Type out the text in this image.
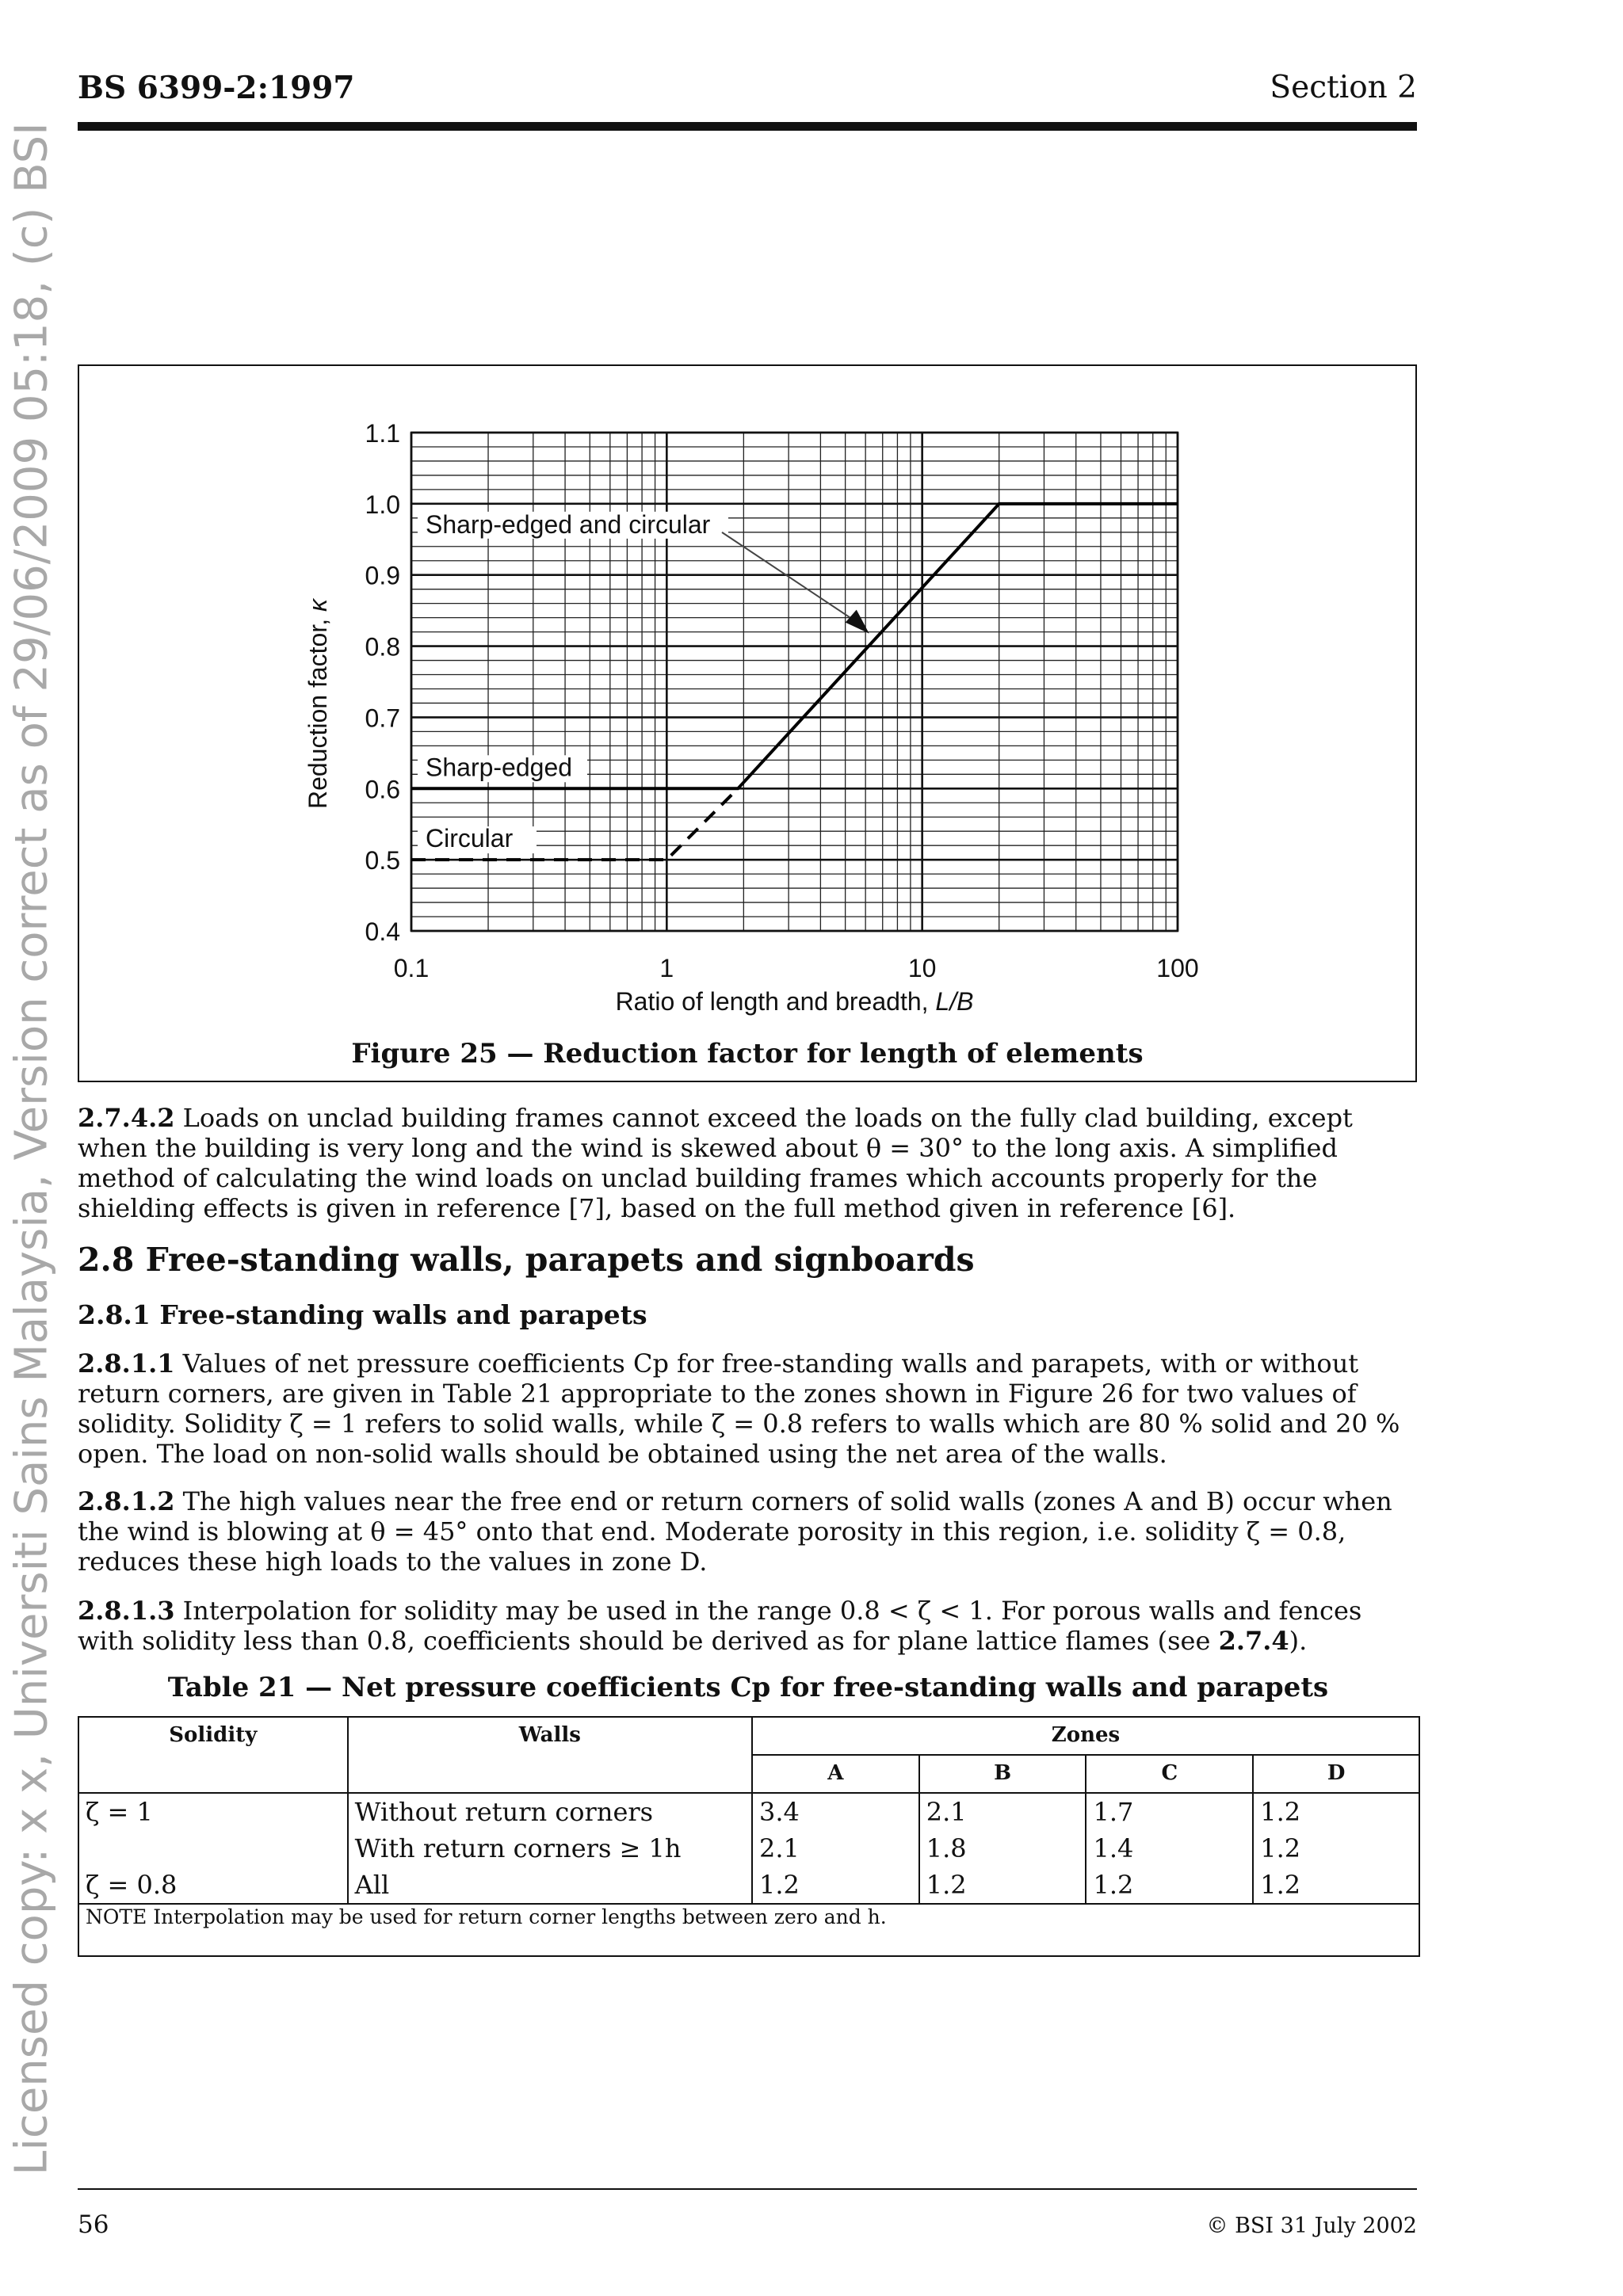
Licensed copy: x x, Universiti Sains Malaysia, Version correct as of 29/06/2009 05:18, (c) BSI
BS 6399-2:1997	Section 2
0.4
0.5
0.6
0.7
0.8
0.9
1.0
1.1
0.1	1	10	100
Ratio of length and breadth, L/B
Reduction factor, κ
Sharp-edged
Circular
Sharp-edged and circular
Figure 25 — Reduction factor for length of elements

2.7.4.2 Loads on unclad building frames cannot exceed the loads on the fully clad building, except when the building is very long and the wind is skewed about θ = 30° to the long axis. A simplified method of calculating the wind loads on unclad building frames which accounts properly for the shielding effects is given in reference [7], based on the full method given in reference [6].

2.8 Free-standing walls, parapets and signboards
2.8.1 Free-standing walls and parapets

2.8.1.1 Values of net pressure coefficients Cp for free-standing walls and parapets, with or without return corners, are given in Table 21 appropriate to the zones shown in Figure 26 for two values of solidity. Solidity ζ = 1 refers to solid walls, while ζ = 0.8 refers to walls which are 80 % solid and 20 % open. The load on non-solid walls should be obtained using the net area of the walls.

2.8.1.2 The high values near the free end or return corners of solid walls (zones A and B) occur when the wind is blowing at θ = 45° onto that end. Moderate porosity in this region, i.e. solidity ζ = 0.8, reduces these high loads to the values in zone D.

2.8.1.3 Interpolation for solidity may be used in the range 0.8 < ζ < 1. For porous walls and fences with solidity less than 0.8, coefficients should be derived as for plane lattice flames (see 2.7.4).

Table 21 — Net pressure coefficients Cp for free-standing walls and parapets
Solidity	Walls	Zones			
		A	B	C	D
ζ = 1	Without return corners	3.4	2.1	1.7	1.2
	With return corners ≥ 1h	2.1	1.8	1.4	1.2
ζ = 0.8	All	1.2	1.2	1.2	1.2
NOTE Interpolation may be used for return corner lengths between zero and h.					
56	© BSI 31 July 2002
